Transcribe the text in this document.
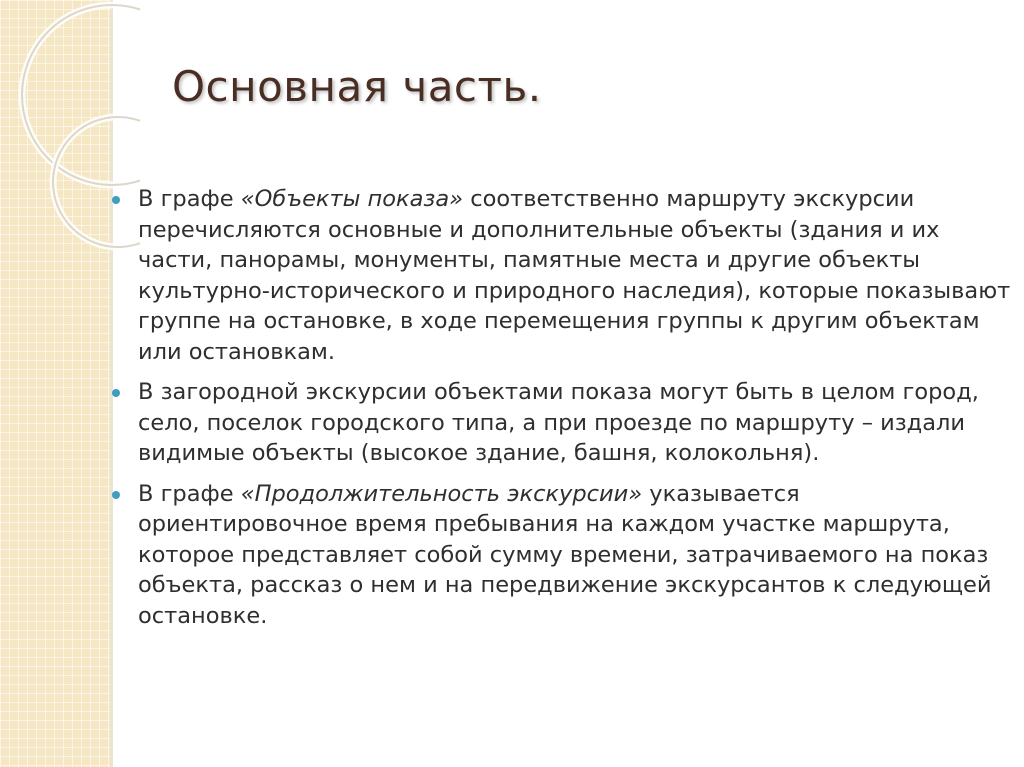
Основная часть.
В графе «Объекты показа» соответственно маршруту экскурсии перечисляются основные и дополнительные объекты (здания и их части, панорамы, монументы, памятные места и другие объекты культурно-исторического и природного наследия), которые показывают группе на остановке, в ходе перемещения группы к другим объектам или остановкам.
В загородной экскурсии объектами показа могут быть в целом город, село, поселок городского типа, а при проезде по маршруту – издали видимые объекты (высокое здание, башня, колокольня).
В графе «Продолжительность экскурсии» указывается ориентировочное время пребывания на каждом участке маршрута, которое представляет собой сумму времени, затрачиваемого на показ объекта, рассказ о нем и на передвижение экскурсантов к следующей остановке.
